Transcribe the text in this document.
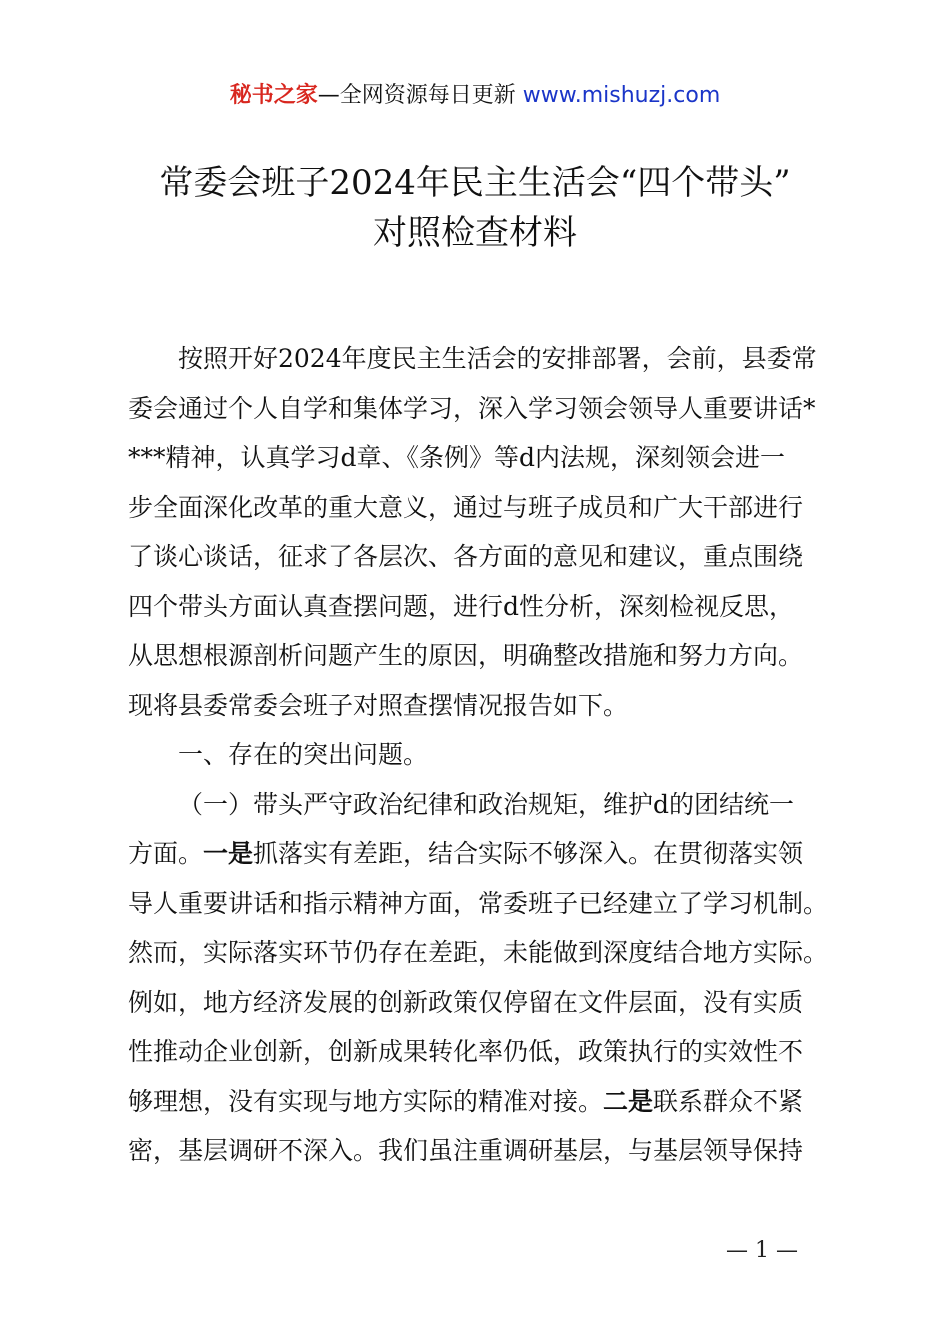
秘书之家—全网资源每日更新 www.mishuzj.com
常委会班子2024年民主生活会“四个带头”
对照检查材料
按照开好2024年度民主生活会的安排部署，会前，县委常
委会通过个人自学和集体学习，深入学习领会领导人重要讲话*
***精神，认真学习d章、《条例》等d内法规，深刻领会进一
步全面深化改革的重大意义，通过与班子成员和广大干部进行
了谈心谈话，征求了各层次、各方面的意见和建议，重点围绕
四个带头方面认真查摆问题，进行d性分析，深刻检视反思，
从思想根源剖析问题产生的原因，明确整改措施和努力方向。
现将县委常委会班子对照查摆情况报告如下。
一、存在的突出问题。
（一）带头严守政治纪律和政治规矩，维护d的团结统一
方面。一是抓落实有差距，结合实际不够深入。在贯彻落实领
导人重要讲话和指示精神方面，常委班子已经建立了学习机制。
然而，实际落实环节仍存在差距，未能做到深度结合地方实际。
例如，地方经济发展的创新政策仅停留在文件层面，没有实质
性推动企业创新，创新成果转化率仍低，政策执行的实效性不
够理想，没有实现与地方实际的精准对接。二是联系群众不紧
密，基层调研不深入。我们虽注重调研基层，与基层领导保持
— 1 —
